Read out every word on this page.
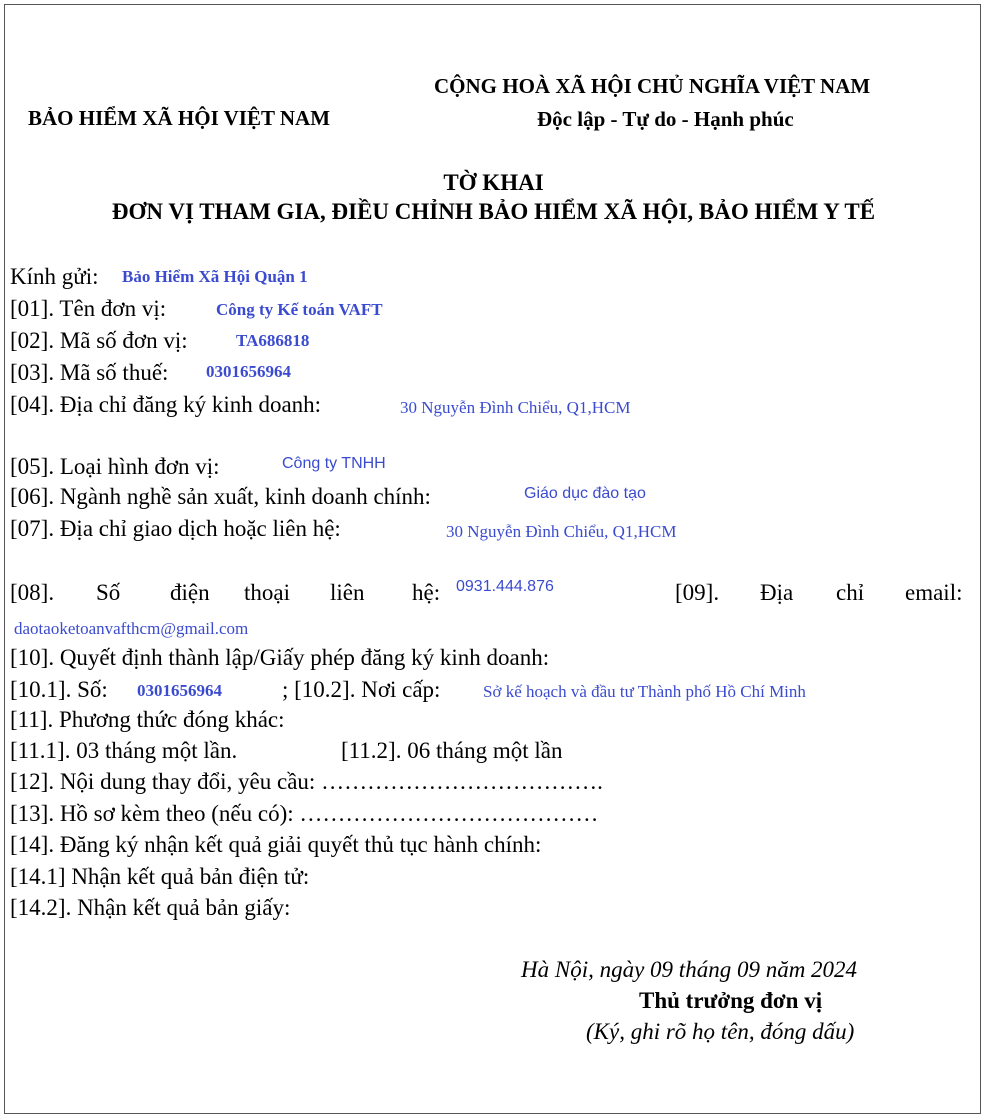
BẢO HIỂM XÃ HỘI VIỆT NAM
CỘNG HOÀ XÃ HỘI CHỦ NGHĨA VIỆT NAM
Độc lập - Tự do - Hạnh phúc
TỜ KHAI
ĐƠN VỊ THAM GIA, ĐIỀU CHỈNH BẢO HIỂM XÃ HỘI, BẢO HIỂM Y TẾ
Kính gửi: Bảo Hiểm Xã Hội Quận 1
[01]. Tên đơn vị:	Công ty Kế toán VAFT
[02]. Mã số đơn vị:	TA686818
[03]. Mã số thuế: 0301656964
[04]. Địa chỉ đăng ký kinh doanh:	30 Nguyễn Đình Chiểu, Q1,HCM
[05]. Loại hình đơn vị:	Công ty TNHH
[06]. Ngành nghề sản xuất, kinh doanh chính:	Giáo dục đào tạo
[07]. Địa chỉ giao dịch hoặc liên hệ:	30 Nguyễn Đình Chiểu, Q1,HCM
[08]. Số điện thoại liên hệ: 0931.444.876	[09]. Địa chỉ email:
daotaoketoanvafthcm@gmail.com
[10]. Quyết định thành lập/Giấy phép đăng ký kinh doanh:
[10.1]. Số: 0301656964	; [10.2]. Nơi cấp:	Sở kế hoạch và đầu tư Thành phố Hồ Chí Minh
[11]. Phương thức đóng khác:
[11.1]. 03 tháng một lần.	[11.2]. 06 tháng một lần
[12]. Nội dung thay đổi, yêu cầu: ……………………………….
[13]. Hồ sơ kèm theo (nếu có): …………………………………
[14]. Đăng ký nhận kết quả giải quyết thủ tục hành chính:
[14.1] Nhận kết quả bản điện tử:
[14.2]. Nhận kết quả bản giấy:
Hà Nội, ngày 09 tháng 09 năm 2024
Thủ trưởng đơn vị
(Ký, ghi rõ họ tên, đóng dấu)
